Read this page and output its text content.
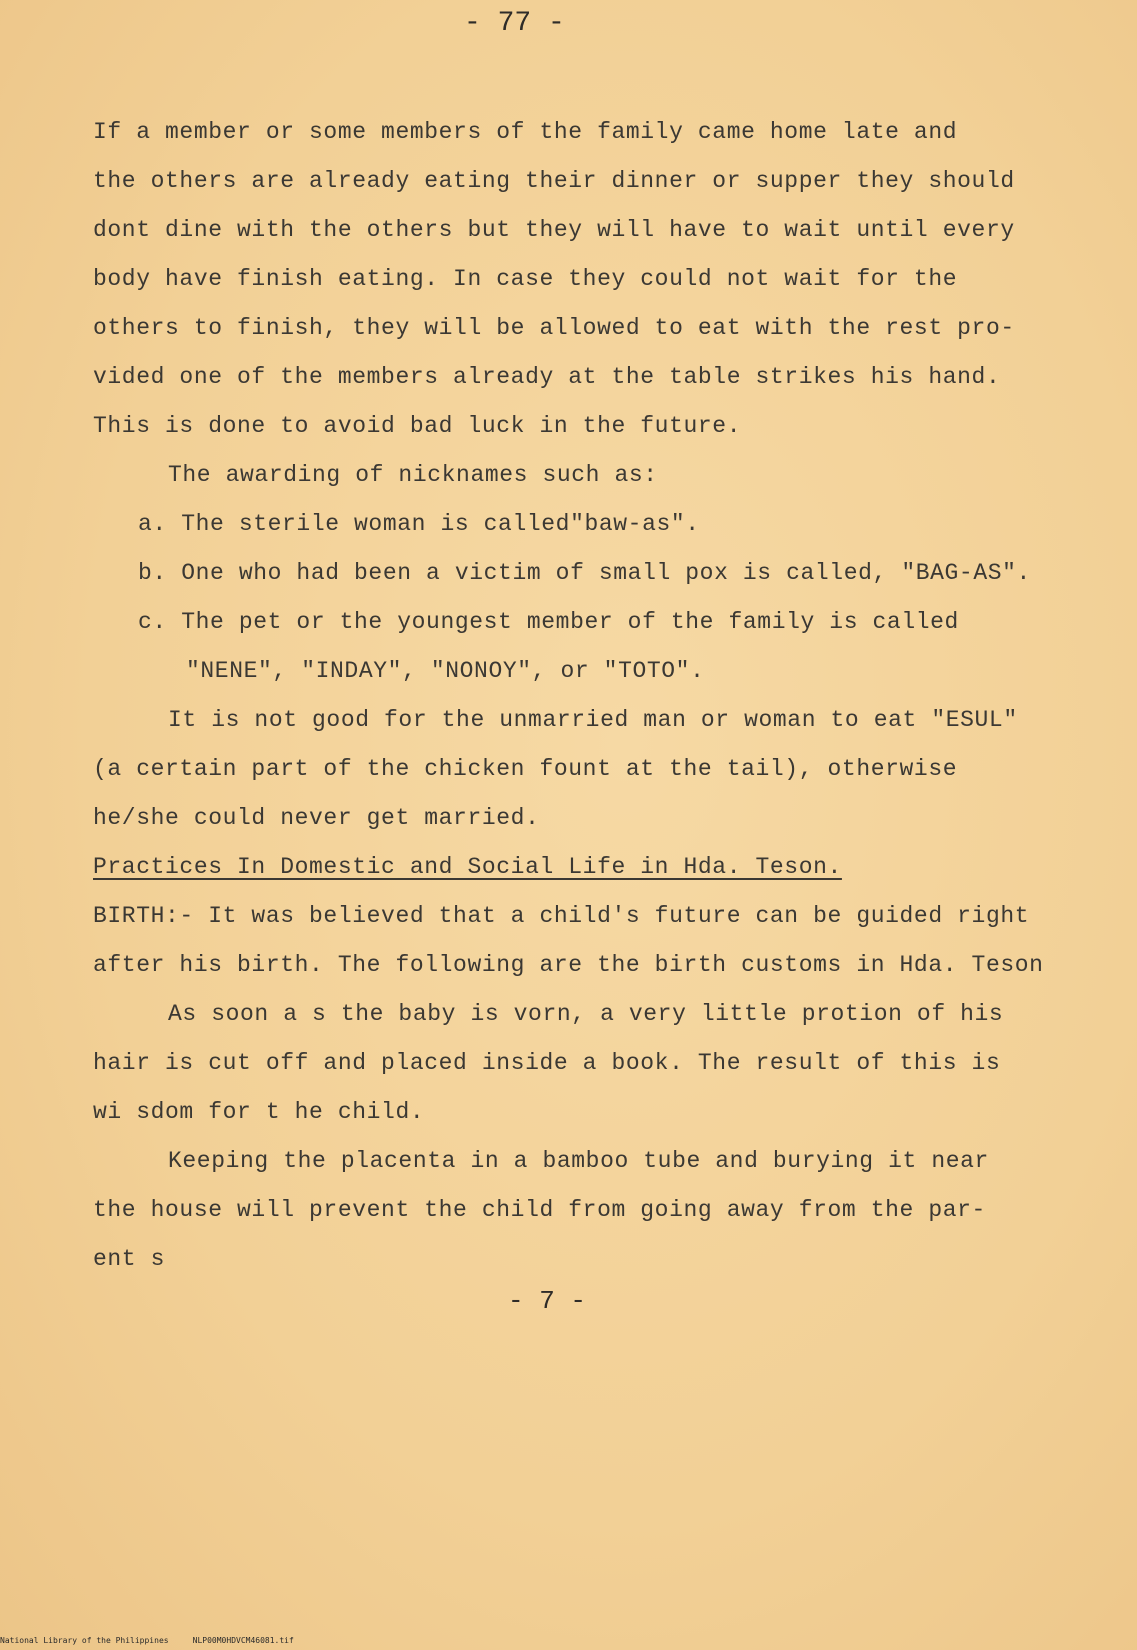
- 77 -
If a member or some members of the family came home late and
the others are already eating their dinner or supper they should
dont dine with the others but they will have to wait until every
body have finish eating. In case they could not wait for the
others to finish, they will be allowed to eat with the rest pro-
vided one of the members already at the table strikes his hand.
This is done to avoid bad luck in the future.
The awarding of nicknames such as:
a. The sterile woman is called"baw-as".
b. One who had been a victim of small pox is called, "BAG-AS".
c. The pet or the youngest member of the family is called
"NENE", "INDAY", "NONOY", or "TOTO".
It is not good for the unmarried man or woman to eat "ESUL"
(a certain part of the chicken fount at the tail), otherwise
he/she could never get married.
Practices In Domestic and Social Life in Hda. Teson.
BIRTH:- It was believed that a child's future can be guided right
after his birth. The following are the birth customs in Hda. Teson
As soon a s the baby is vorn, a very little protion of his
hair is cut off and placed inside a book. The result of this is
wi sdom for t he child.
Keeping the placenta in a bamboo tube and burying it near
the house will prevent the child from going away from the par-
ent s
- 7 -
National Library of the Philippines     NLP00M0HDVCM46081.tif
